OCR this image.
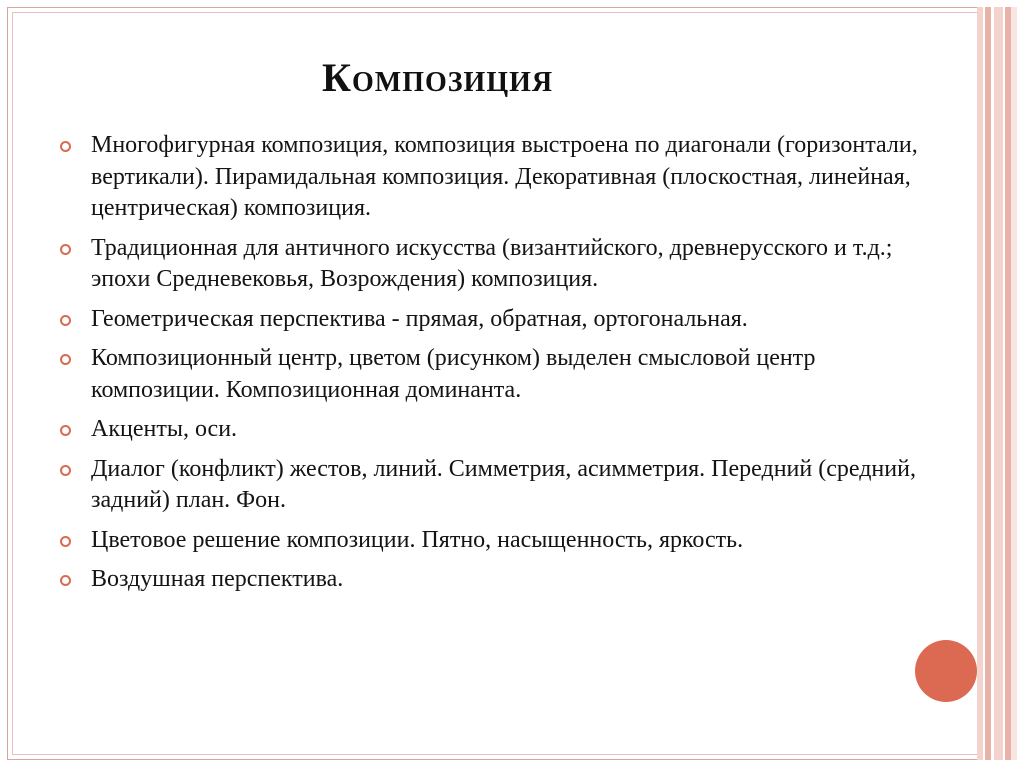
Композиция
Многофигурная композиция, композиция выстроена по диагонали (горизонтали, вертикали). Пирамидальная композиция. Декоративная (плоскостная, линейная, центрическая) композиция.
Традиционная для античного искусства (византийского, древнерусского и т.д.; эпохи Средневековья, Возрождения) композиция.
Геометрическая перспектива - прямая, обратная, ортогональная.
Композиционный центр, цветом (рисунком) выделен смысловой центр композиции. Композиционная доминанта.
Акценты, оси.
Диалог (конфликт) жестов, линий. Симметрия, асимметрия. Передний (средний, задний) план. Фон.
Цветовое решение композиции. Пятно, насыщенность, яркость.
Воздушная перспектива.
